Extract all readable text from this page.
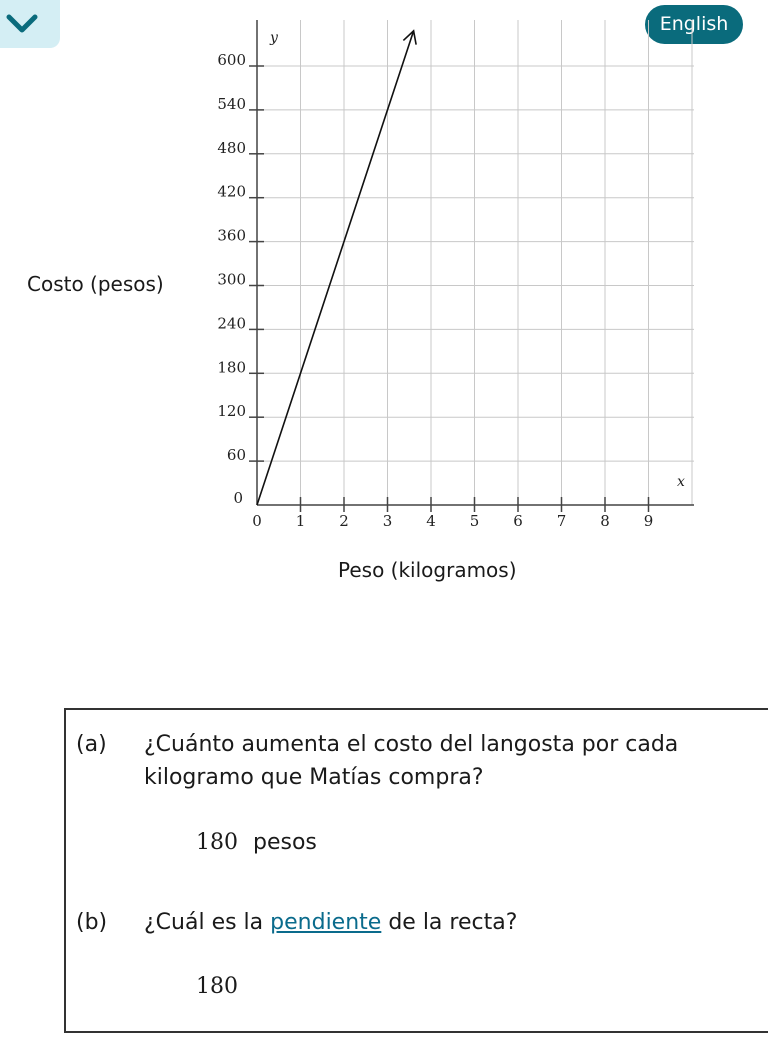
English
0
60
120
180
240
300
360
420
480
540
600
0 1 2 3 4 5 6 7 8 9
y
x
Costo (pesos)
Peso (kilogramos)
(a) ¿Cuánto aumenta el costo del langosta por cada
kilogramo que Matías compra?
180 pesos
(b) ¿Cuál es la pendiente de la recta?
180
